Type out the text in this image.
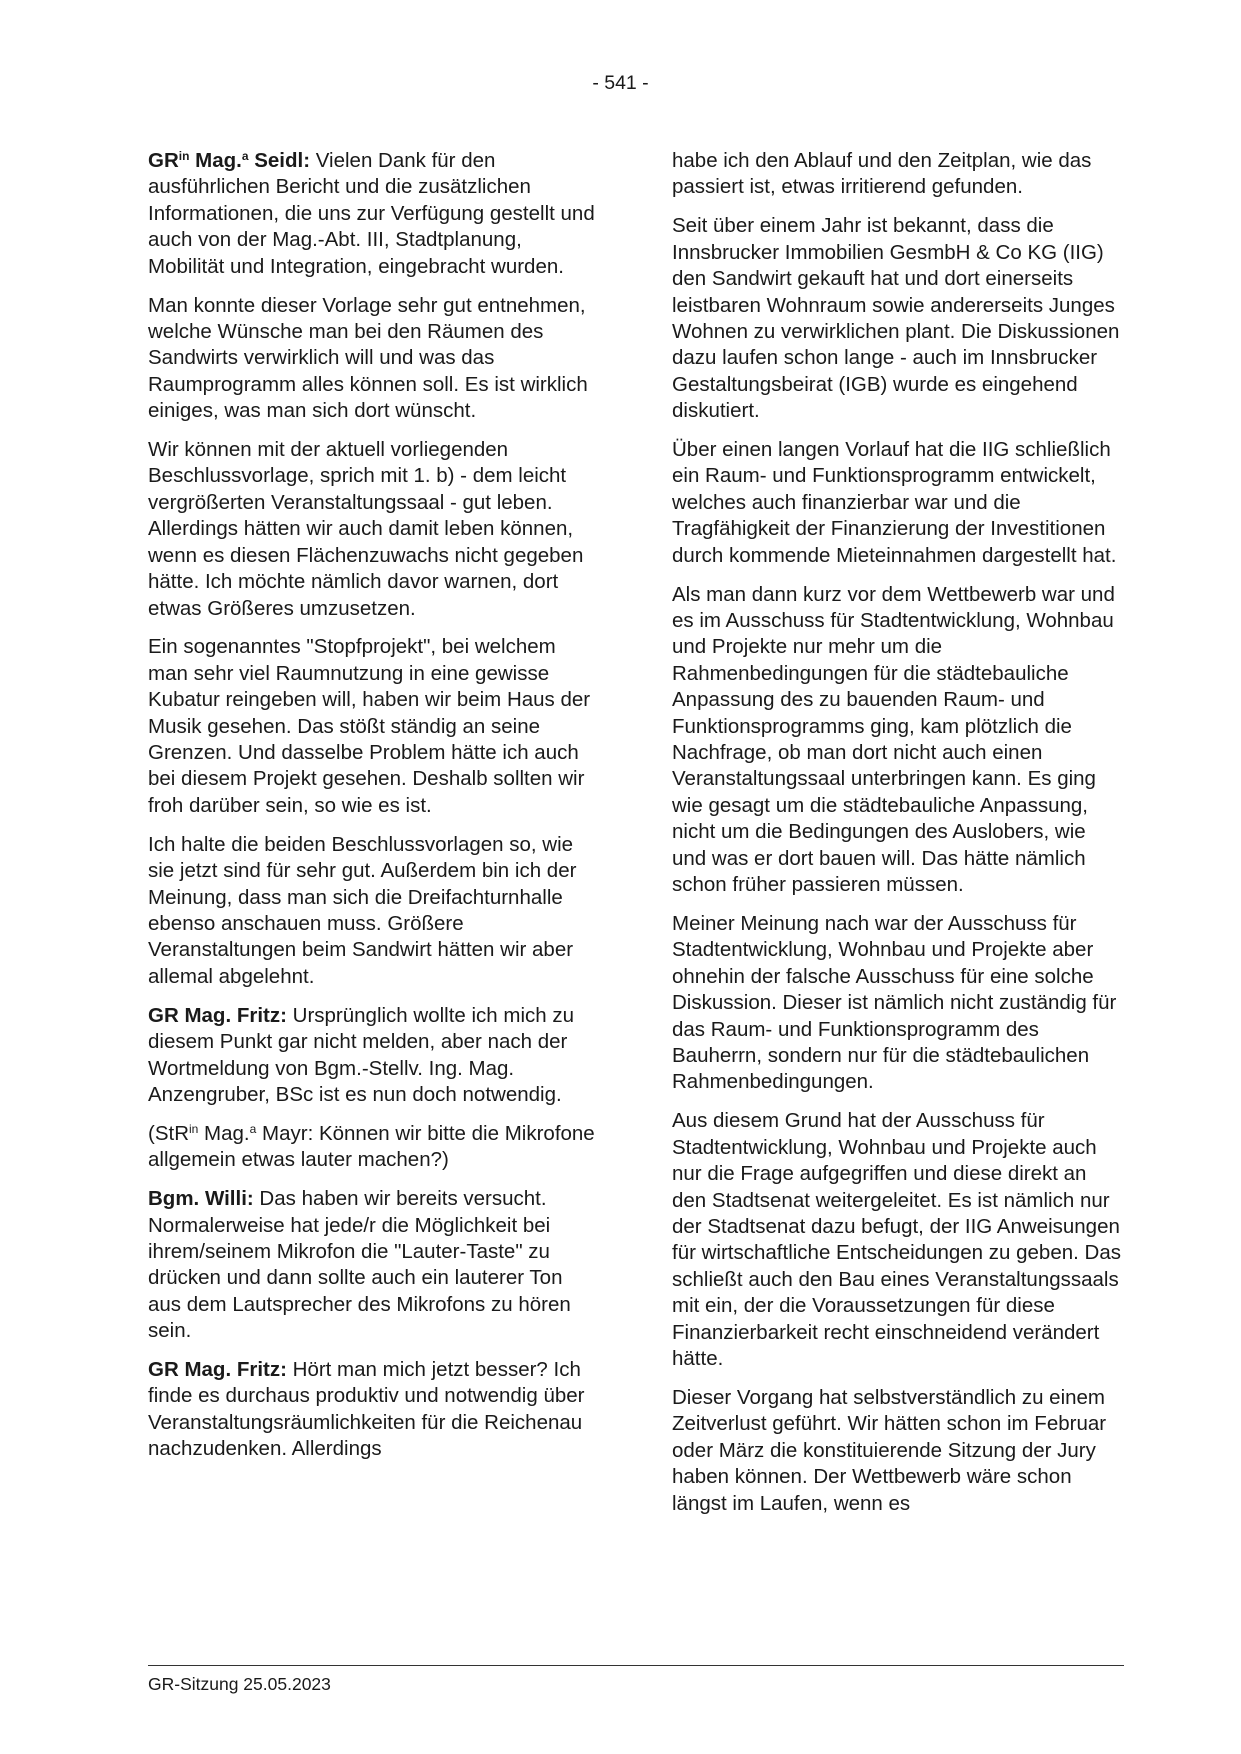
- 541 -

$GR^{in}$ Mag.$^a$ Seidl: Vielen Dank für den ausführlichen Bericht und die zusätzlichen Informationen, die uns zur Verfügung gestellt und auch von der Mag.-Abt. III, Stadtplanung, Mobilität und Integration, eingebracht wurden.

Man konnte dieser Vorlage sehr gut entnehmen, welche Wünsche man bei den Räumen des Sandwirts verwirklich will und was das Raumprogramm alles können soll. Es ist wirklich einiges, was man sich dort wünscht.

Wir können mit der aktuell vorliegenden Beschlussvorlage, sprich mit 1. b) - dem leicht vergrößerten Veranstaltungssaal - gut leben. Allerdings hätten wir auch damit leben können, wenn es diesen Flächenzuwachs nicht gegeben hätte. Ich möchte nämlich davor warnen, dort etwas Größeres umzusetzen.

Ein sogenanntes "Stopfprojekt", bei welchem man sehr viel Raumnutzung in eine gewisse Kubatur reingeben will, haben wir beim Haus der Musik gesehen. Das stößt ständig an seine Grenzen. Und dasselbe Problem hätte ich auch bei diesem Projekt gesehen. Deshalb sollten wir froh darüber sein, so wie es ist.

Ich halte die beiden Beschlussvorlagen so, wie sie jetzt sind für sehr gut. Außerdem bin ich der Meinung, dass man sich die Dreifachturnhalle ebenso anschauen muss. Größere Veranstaltungen beim Sandwirt hätten wir aber allemal abgelehnt.

GR Mag. Fritz: Ursprünglich wollte ich mich zu diesem Punkt gar nicht melden, aber nach der Wortmeldung von Bgm.-Stellv. Ing. Mag. Anzengruber, BSc ist es nun doch notwendig.

(StR$^{in}$ Mag.$^a$ Mayr: Können wir bitte die Mikrofone allgemein etwas lauter machen?)

Bgm. Willi: Das haben wir bereits versucht. Normalerweise hat jede/r die Möglichkeit bei ihrem/seinem Mikrofon die "Lauter-Taste" zu drücken und dann sollte auch ein lauterer Ton aus dem Lautsprecher des Mikrofons zu hören sein.

GR Mag. Fritz: Hört man mich jetzt besser? Ich finde es durchaus produktiv und notwendig über Veranstaltungsräumlichkeiten für die Reichenau nachzudenken. Allerdings

habe ich den Ablauf und den Zeitplan, wie das passiert ist, etwas irritierend gefunden.

Seit über einem Jahr ist bekannt, dass die Innsbrucker Immobilien GesmbH & Co KG (IIG) den Sandwirt gekauft hat und dort einerseits leistbaren Wohnraum sowie andererseits Junges Wohnen zu verwirklichen plant. Die Diskussionen dazu laufen schon lange - auch im Innsbrucker Gestaltungsbeirat (IGB) wurde es eingehend diskutiert.

Über einen langen Vorlauf hat die IIG schließlich ein Raum- und Funktionsprogramm entwickelt, welches auch finanzierbar war und die Tragfähigkeit der Finanzierung der Investitionen durch kommende Mieteinnahmen dargestellt hat.

Als man dann kurz vor dem Wettbewerb war und es im Ausschuss für Stadtentwicklung, Wohnbau und Projekte nur mehr um die Rahmenbedingungen für die städtebauliche Anpassung des zu bauenden Raum- und Funktionsprogramms ging, kam plötzlich die Nachfrage, ob man dort nicht auch einen Veranstaltungssaal unterbringen kann. Es ging wie gesagt um die städtebauliche Anpassung, nicht um die Bedingungen des Auslobers, wie und was er dort bauen will. Das hätte nämlich schon früher passieren müssen.

Meiner Meinung nach war der Ausschuss für Stadtentwicklung, Wohnbau und Projekte aber ohnehin der falsche Ausschuss für eine solche Diskussion. Dieser ist nämlich nicht zuständig für das Raum- und Funktionsprogramm des Bauherrn, sondern nur für die städtebaulichen Rahmenbedingungen.

Aus diesem Grund hat der Ausschuss für Stadtentwicklung, Wohnbau und Projekte auch nur die Frage aufgegriffen und diese direkt an den Stadtsenat weitergeleitet. Es ist nämlich nur der Stadtsenat dazu befugt, der IIG Anweisungen für wirtschaftliche Entscheidungen zu geben. Das schließt auch den Bau eines Veranstaltungssaals mit ein, der die Voraussetzungen für diese Finanzierbarkeit recht einschneidend verändert hätte.

Dieser Vorgang hat selbstverständlich zu einem Zeitverlust geführt. Wir hätten schon im Februar oder März die konstituierende Sitzung der Jury haben können. Der Wettbewerb wäre schon längst im Laufen, wenn es

GR-Sitzung 25.05.2023
